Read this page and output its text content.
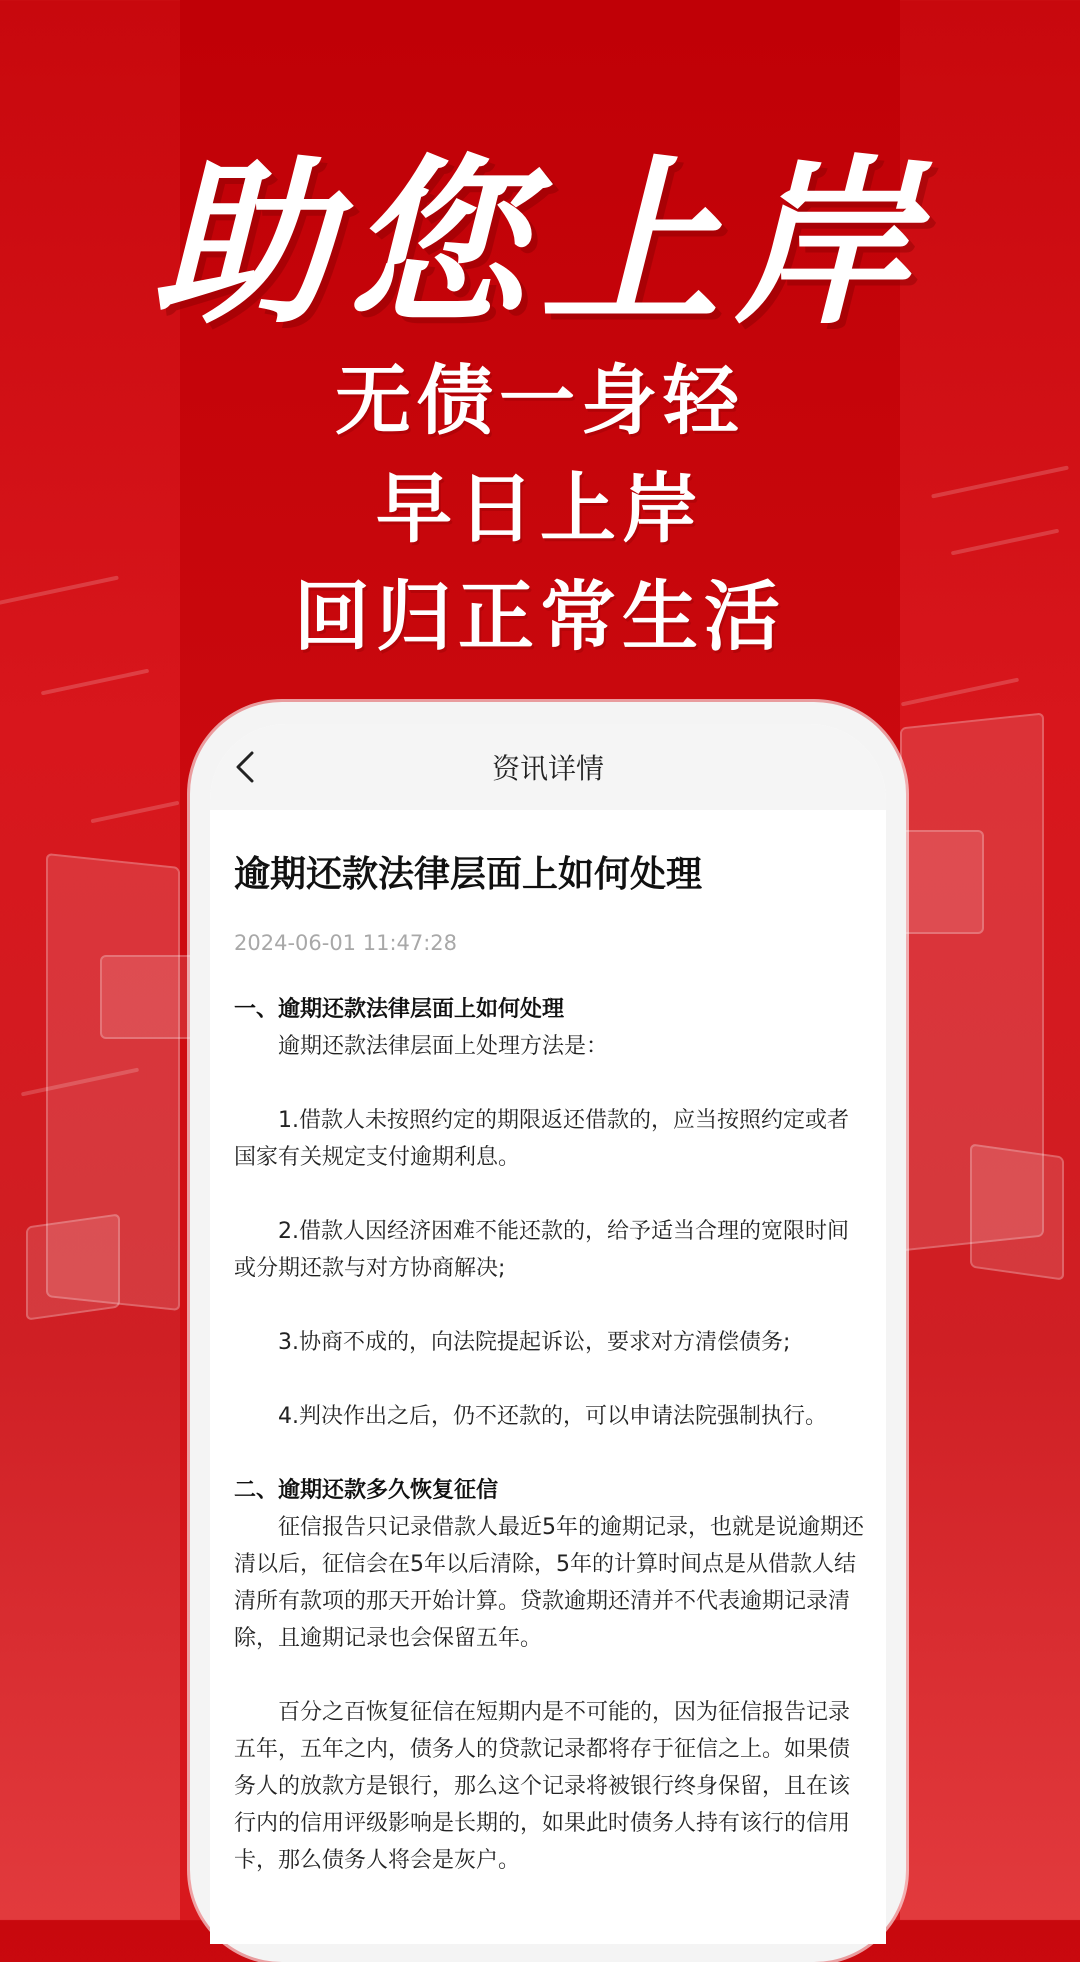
助您上岸
无债一身轻
早日上岸
回归正常生活
资讯详情
逾期还款法律层面上如何处理
2024-06-01 11:47:28
一、逾期还款法律层面上如何处理
逾期还款法律层面上处理方法是：
1.借款人未按照约定的期限返还借款的，应当按照约定或者国家有关规定支付逾期利息。
2.借款人因经济困难不能还款的，给予适当合理的宽限时间或分期还款与对方协商解决;
3.协商不成的，向法院提起诉讼，要求对方清偿债务;
4.判决作出之后，仍不还款的，可以申请法院强制执行。
二、逾期还款多久恢复征信
征信报告只记录借款人最近5年的逾期记录，也就是说逾期还清以后，征信会在5年以后清除，5年的计算时间点是从借款人结清所有款项的那天开始计算。贷款逾期还清并不代表逾期记录清除，且逾期记录也会保留五年。
百分之百恢复征信在短期内是不可能的，因为征信报告记录五年，五年之内，债务人的贷款记录都将存于征信之上。如果债务人的放款方是银行，那么这个记录将被银行终身保留，且在该行内的信用评级影响是长期的，如果此时债务人持有该行的信用卡，那么债务人将会是灰户。
